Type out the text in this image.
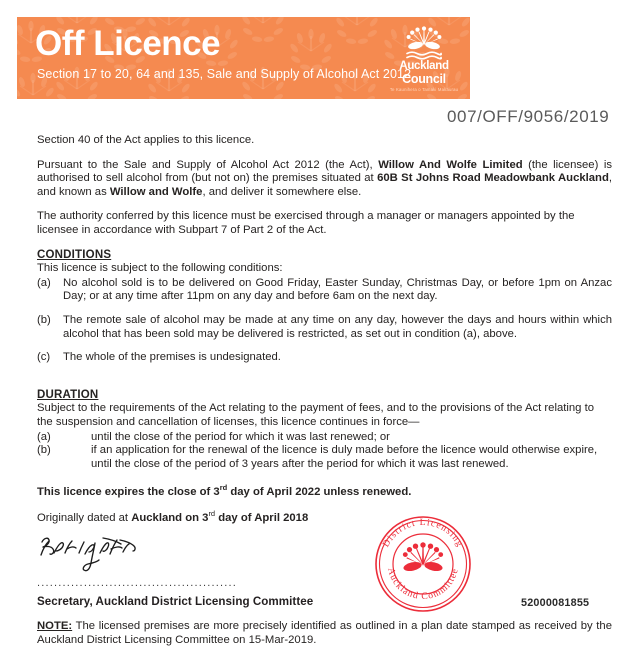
Off Licence
Section 17 to 20, 64 and 135, Sale and Supply of Alcohol Act 2012
Auckland
Council
Te Kaunihera o Tamaki Makaurau
007/OFF/9056/2019

Section 40 of the Act applies to this licence.

Pursuant to the Sale and Supply of Alcohol Act 2012 (the Act), Willow And Wolfe Limited (the licensee) is authorised to sell alcohol from (but not on) the premises situated at 60B St Johns Road Meadowbank Auckland, and known as Willow and Wolfe, and deliver it somewhere else.

The authority conferred by this licence must be exercised through a manager or managers appointed by the licensee in accordance with Subpart 7 of Part 2 of the Act.

CONDITIONS

This licence is subject to the following conditions:

(a) No alcohol sold is to be delivered on Good Friday, Easter Sunday, Christmas Day, or before 1pm on Anzac Day; or at any time after 11pm on any day and before 6am on the next day.
(b) The remote sale of alcohol may be made at any time on any day, however the days and hours within which alcohol that has been sold may be delivered is restricted, as set out in condition (a), above.
(c) The whole of the premises is undesignated.
DURATION

Subject to the requirements of the Act relating to the payment of fees, and to the provisions of the Act relating to the suspension and cancellation of licenses, this licence continues in force—

(a)	until the close of the period for which it was last renewed; or
(b)	if an application for the renewal of the licence is duly made before the licence would otherwise expire, until the close of the period of 3 years after the period for which it was last renewed.

This licence expires the close of 3rd day of April 2022 unless renewed.

Originally dated at Auckland on 3rd day of April 2018

...............................................
Secretary, Auckland District Licensing Committee
District Licensing
Auckland Committee
52000081855
NOTE: The licensed premises are more precisely identified as outlined in a plan date stamped as received by the Auckland District Licensing Committee on 15-Mar-2019.
